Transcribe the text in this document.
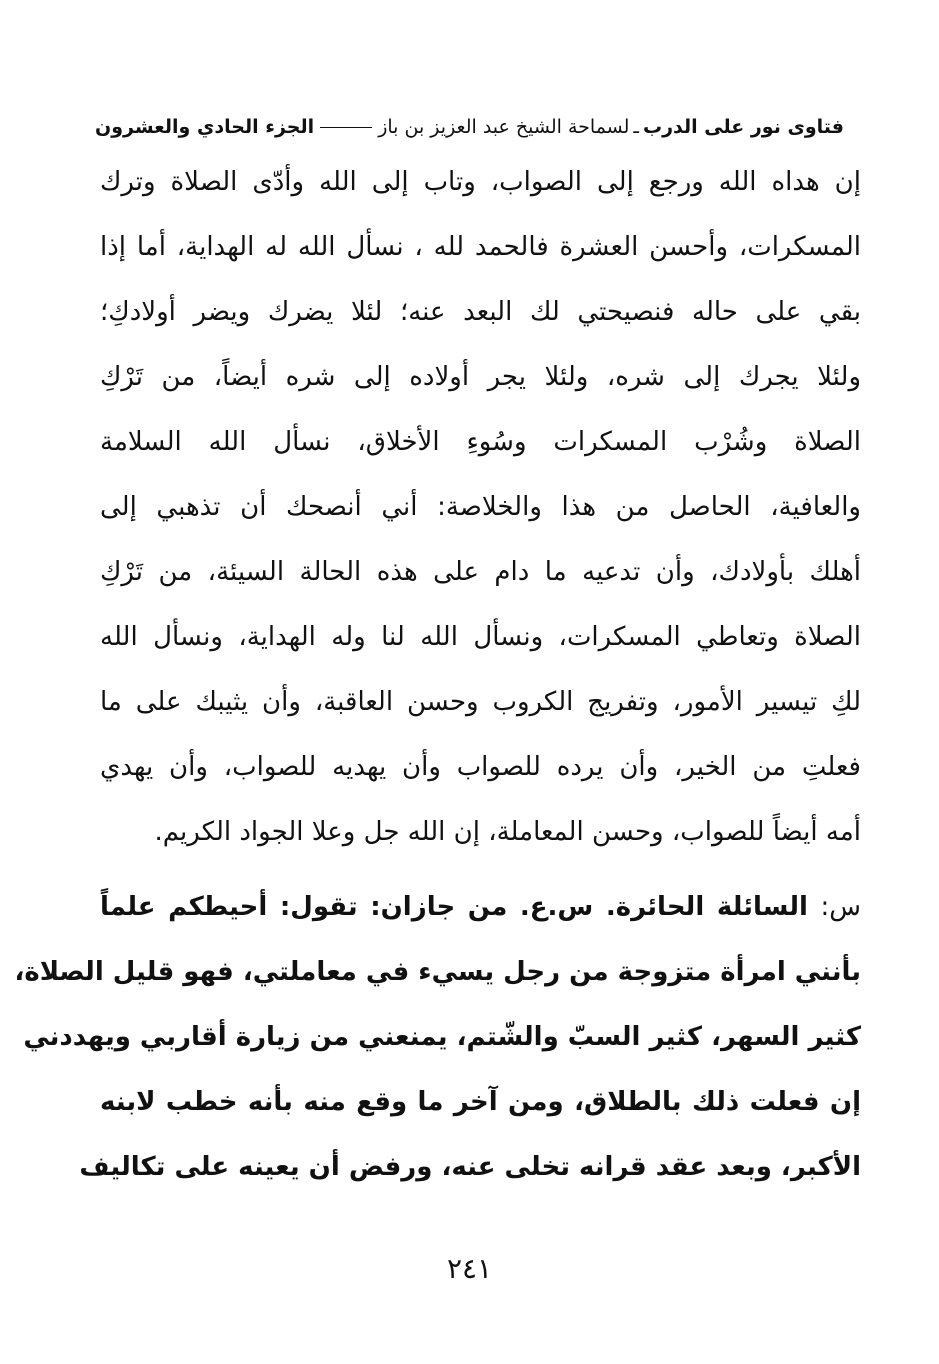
فتاوى نور على الدرب
ـ
لسماحة الشيخ عبد العزيز بن باز
الجزء الحادي والعشرون
إن هداه الله ورجع إلى الصواب، وتاب إلى الله وأدّى الصلاة وترك
المسكرات، وأحسن العشرة فالحمد لله ، نسأل الله له الهداية، أما إذا
بقي على حاله فنصيحتي لك البعد عنه؛ لئلا يضرك ويضر أولادكِ؛
ولئلا يجرك إلى شره، ولئلا يجر أولاده إلى شره أيضاً، من تَرْكِ
الصلاة وشُرْب المسكرات وسُوءِ الأخلاق، نسأل الله السلامة
والعافية، الحاصل من هذا والخلاصة: أني أنصحك أن تذهبي إلى
أهلك بأولادك، وأن تدعيه ما دام على هذه الحالة السيئة، من تَرْكِ
الصلاة وتعاطي المسكرات، ونسأل الله لنا وله الهداية، ونسأل الله
لكِ تيسير الأمور، وتفريج الكروب وحسن العاقبة، وأن يثيبك على ما
فعلتِ من الخير، وأن يرده للصواب وأن يهديه للصواب، وأن يهدي
أمه أيضاً للصواب، وحسن المعاملة، إن الله جل وعلا الجواد الكريم.
س: السائلة الحائرة. س.ع. من جازان: تقول: أحيطكم علماً
بأنني امرأة متزوجة من رجل يسيء في معاملتي، فهو قليل الصلاة،
كثير السهر، كثير السبّ والشّتم، يمنعني من زيارة أقاربي ويهددني
إن فعلت ذلك بالطلاق، ومن آخر ما وقع منه بأنه خطب لابنه
الأكبر، وبعد عقد قرانه تخلى عنه، ورفض أن يعينه على تكاليف
٢٤١
